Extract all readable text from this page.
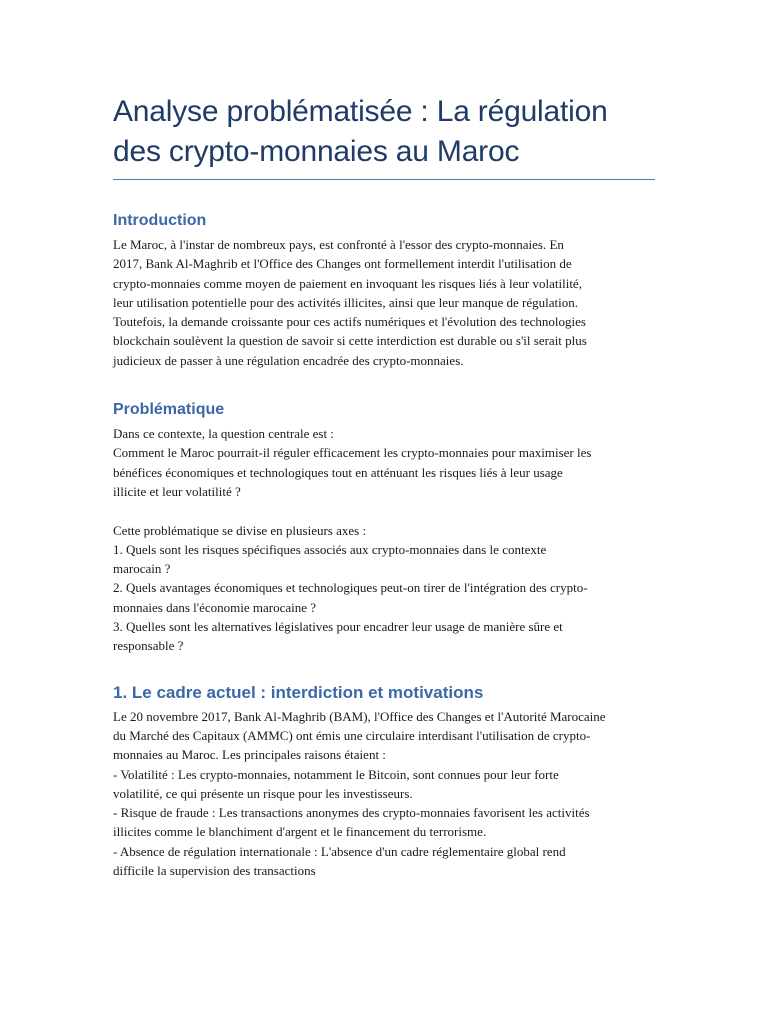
Analyse problématisée : La régulation
des crypto-monnaies au Maroc
Introduction

Le Maroc, à l'instar de nombreux pays, est confronté à l'essor des crypto-monnaies. En
2017, Bank Al-Maghrib et l'Office des Changes ont formellement interdit l'utilisation de
crypto-monnaies comme moyen de paiement en invoquant les risques liés à leur volatilité,
leur utilisation potentielle pour des activités illicites, ainsi que leur manque de régulation.
Toutefois, la demande croissante pour ces actifs numériques et l'évolution des technologies
blockchain soulèvent la question de savoir si cette interdiction est durable ou s'il serait plus
judicieux de passer à une régulation encadrée des crypto-monnaies.

Problématique

Dans ce contexte, la question centrale est :
Comment le Maroc pourrait-il réguler efficacement les crypto-monnaies pour maximiser les
bénéfices économiques et technologiques tout en atténuant les risques liés à leur usage
illicite et leur volatilité ?
Cette problématique se divise en plusieurs axes :
1. Quels sont les risques spécifiques associés aux crypto-monnaies dans le contexte
marocain ?
2. Quels avantages économiques et technologiques peut-on tirer de l'intégration des crypto-
monnaies dans l'économie marocaine ?
3. Quelles sont les alternatives législatives pour encadrer leur usage de manière sûre et
responsable ?

1. Le cadre actuel : interdiction et motivations

Le 20 novembre 2017, Bank Al-Maghrib (BAM), l'Office des Changes et l'Autorité Marocaine
du Marché des Capitaux (AMMC) ont émis une circulaire interdisant l'utilisation de crypto-
monnaies au Maroc. Les principales raisons étaient :
- Volatilité : Les crypto-monnaies, notamment le Bitcoin, sont connues pour leur forte
volatilité, ce qui présente un risque pour les investisseurs.
- Risque de fraude : Les transactions anonymes des crypto-monnaies favorisent les activités
illicites comme le blanchiment d'argent et le financement du terrorisme.
- Absence de régulation internationale : L'absence d'un cadre réglementaire global rend
difficile la supervision des transactions
